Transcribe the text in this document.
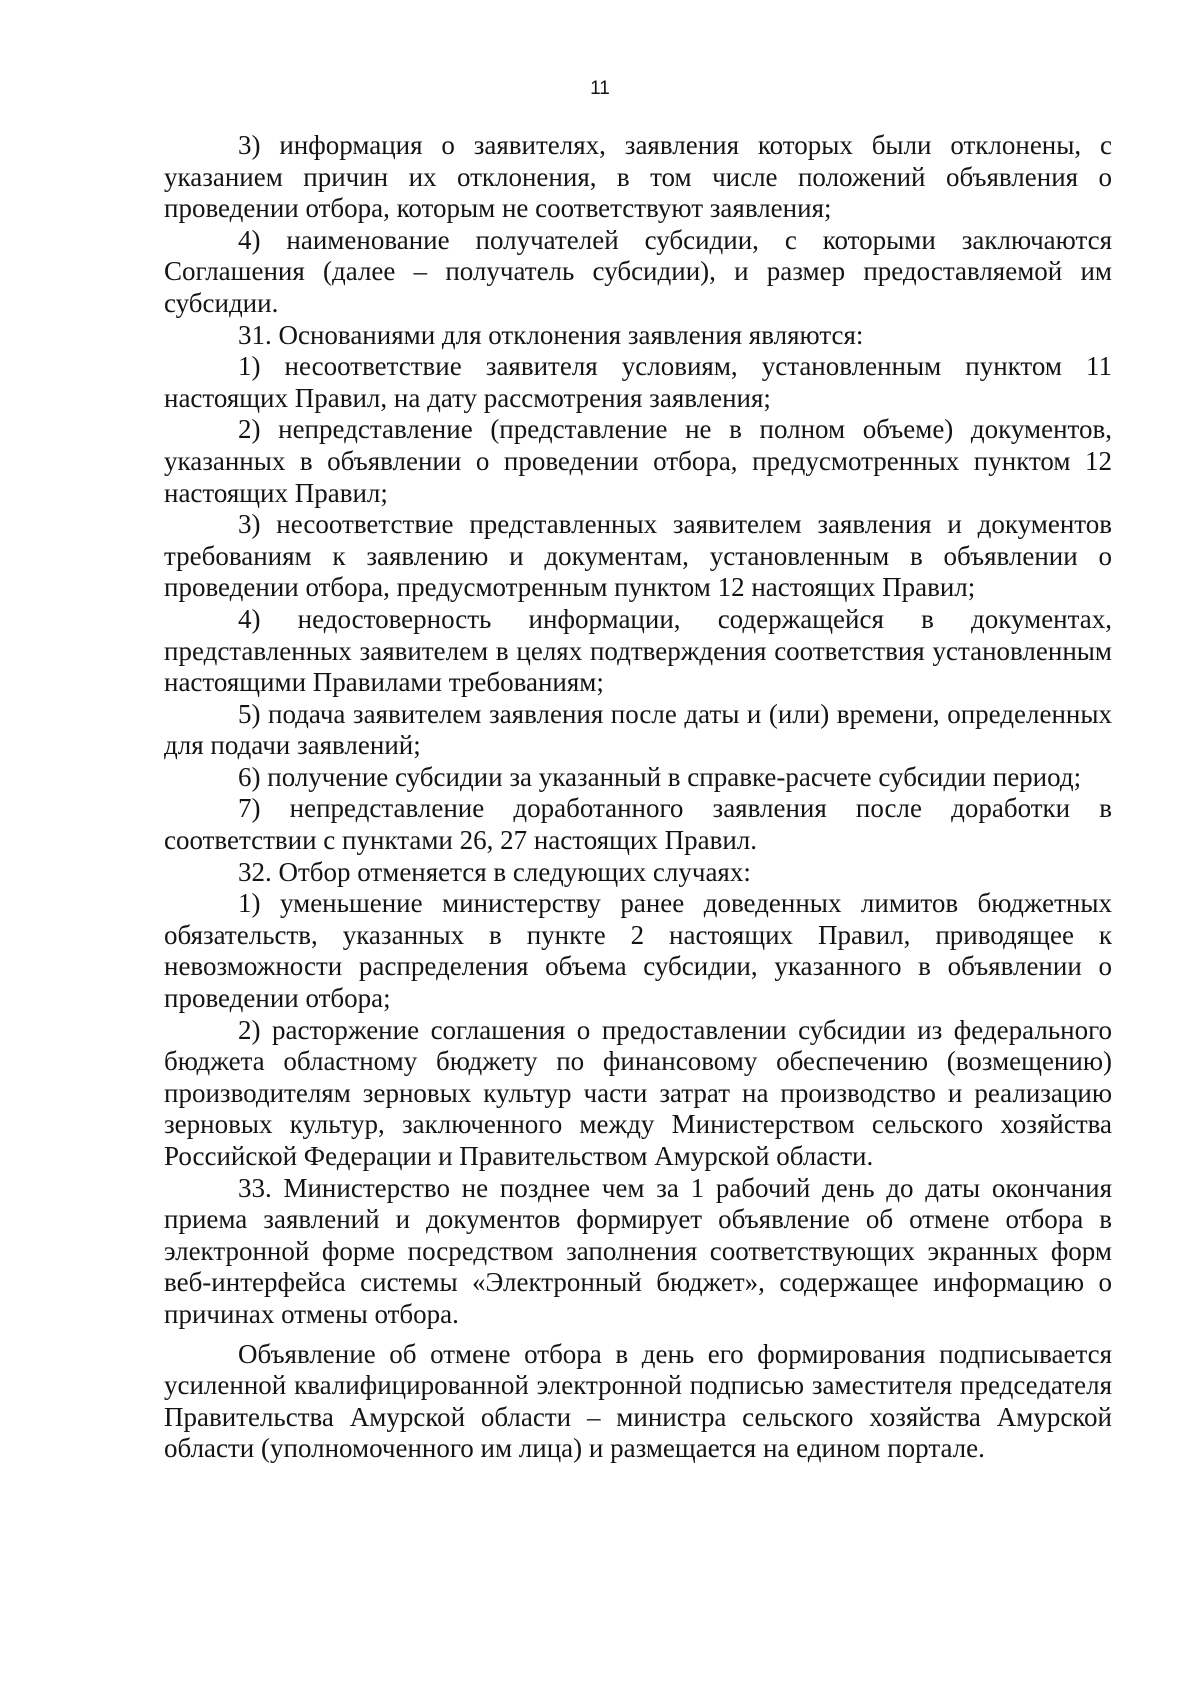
11

3) информация о заявителях, заявления которых были отклонены, с указанием причин их отклонения, в том числе положений объявления о проведении отбора, которым не соответствуют заявления;

4) наименование получателей субсидии, с которыми заключаются Соглашения (далее – получатель субсидии), и размер предоставляемой им субсидии.

31. Основаниями для отклонения заявления являются:

1) несоответствие заявителя условиям, установленным пунктом 11 настоящих Правил, на дату рассмотрения заявления;

2) непредставление (представление не в полном объеме) документов, указанных в объявлении о проведении отбора, предусмотренных пунктом 12 настоящих Правил;

3) несоответствие представленных заявителем заявления и документов требованиям к заявлению и документам, установленным в объявлении о проведении отбора, предусмотренным пунктом 12 настоящих Правил;

4) недостоверность информации, содержащейся в документах, представленных заявителем в целях подтверждения соответствия установленным настоящими Правилами требованиям;

5) подача заявителем заявления после даты и (или) времени, определенных для подачи заявлений;

6) получение субсидии за указанный в справке-расчете субсидии период;

7) непредставление доработанного заявления после доработки в соответствии с пунктами 26, 27 настоящих Правил.

32. Отбор отменяется в следующих случаях:

1) уменьшение министерству ранее доведенных лимитов бюджетных обязательств, указанных в пункте 2 настоящих Правил, приводящее к невозможности распределения объема субсидии, указанного в объявлении о проведении отбора;

2) расторжение соглашения о предоставлении субсидии из федерального бюджета областному бюджету по финансовому обеспечению (возмещению) производителям зерновых культур части затрат на производство и реализацию зерновых культур, заключенного между Министерством сельского хозяйства Российской Федерации и Правительством Амурской области.

33. Министерство не позднее чем за 1 рабочий день до даты окончания приема заявлений и документов формирует объявление об отмене отбора в электронной форме посредством заполнения соответствующих экранных форм веб-интерфейса системы «Электронный бюджет», содержащее информацию о причинах отмены отбора.

Объявление об отмене отбора в день его формирования подписывается усиленной квалифицированной электронной подписью заместителя председателя Правительства Амурской области – министра сельского хозяйства Амурской области (уполномоченного им лица) и размещается на едином портале.
